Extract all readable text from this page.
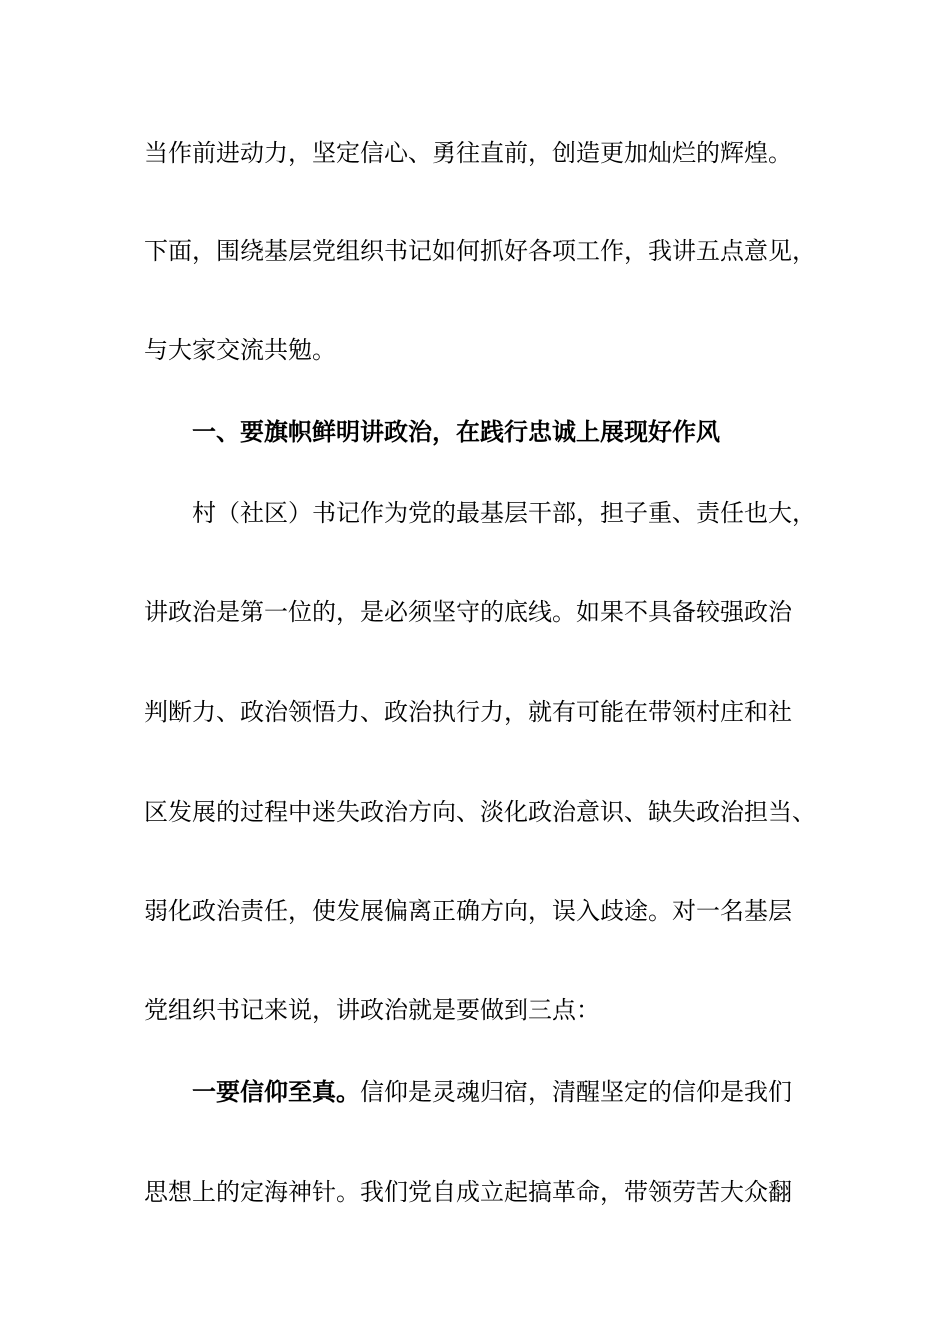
当作前进动力，坚定信心、勇往直前，创造更加灿烂的辉煌。
下面，围绕基层党组织书记如何抓好各项工作，我讲五点意见，
与大家交流共勉。
一、要旗帜鲜明讲政治，在践行忠诚上展现好作风
村（社区）书记作为党的最基层干部，担子重、责任也大，
讲政治是第一位的，是必须坚守的底线。如果不具备较强政治
判断力、政治领悟力、政治执行力，就有可能在带领村庄和社
区发展的过程中迷失政治方向、淡化政治意识、缺失政治担当、
弱化政治责任，使发展偏离正确方向，误入歧途。对一名基层
党组织书记来说，讲政治就是要做到三点：
一要信仰至真。信仰是灵魂归宿，清醒坚定的信仰是我们
思想上的定海神针。我们党自成立起搞革命，带领劳苦大众翻
